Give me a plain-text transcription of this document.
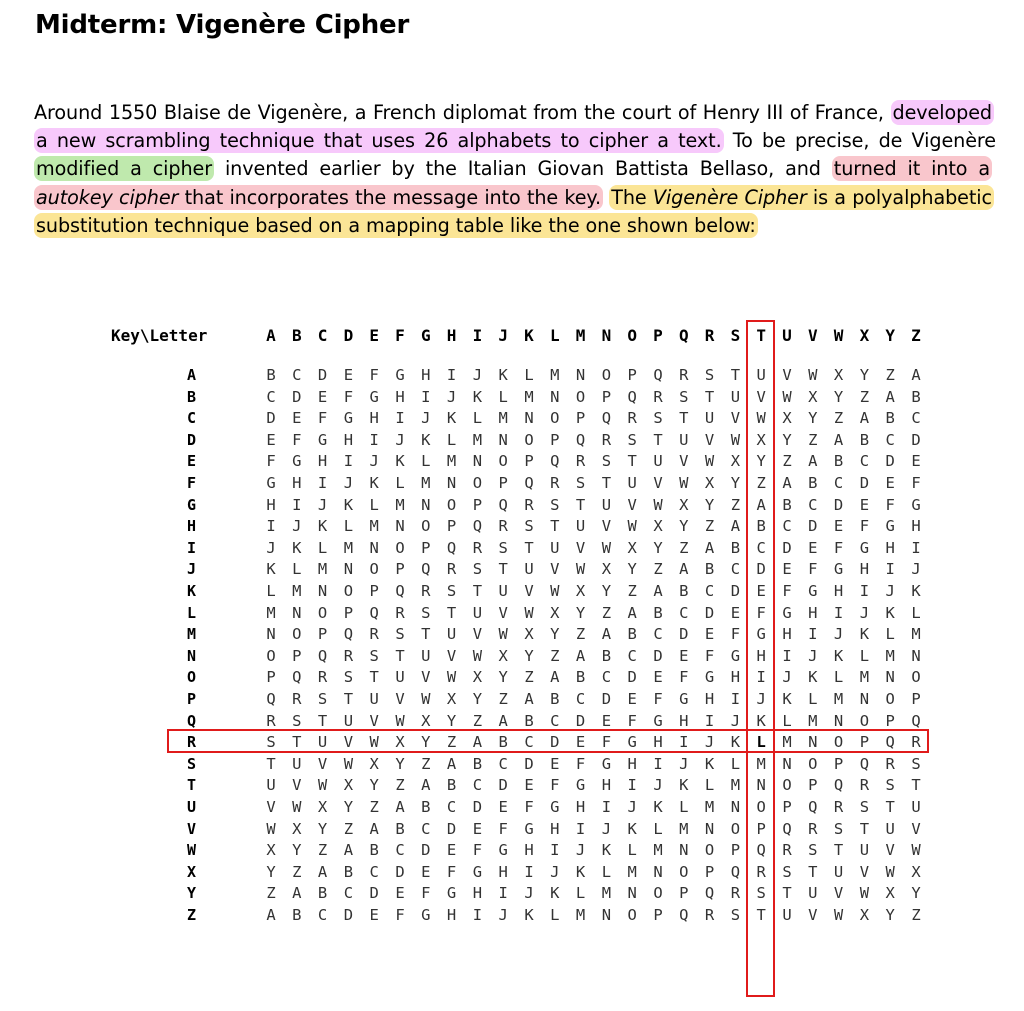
Midterm: Vigenère Cipher
Around 1550 Blaise de Vigenère, a French diplomat from the court of Henry III of France, developed a new scrambling technique that uses 26 alphabets to cipher a text. To be precise, de Vigenère modified a cipher invented earlier by the Italian Giovan Battista Bellaso, and turned it into a autokey cipher that incorporates the message into the key. The Vigenère Cipher is a polyalphabetic substitution technique based on a mapping table like the one shown below:
Key\Letter	A B C D E F G H I J K L M N O P Q R S T U V W X Y Z
A	B C D E F G H I J K L M N O P Q R S T U V W X Y Z A
B	C D E F G H I J K L M N O P Q R S T U V W X Y Z A B
C	D E F G H I J K L M N O P Q R S T U V W X Y Z A B C
D	E F G H I J K L M N O P Q R S T U V W X Y Z A B C D
E	F G H I J K L M N O P Q R S T U V W X Y Z A B C D E
F	G H I J K L M N O P Q R S T U V W X Y Z A B C D E F
G	H I J K L M N O P Q R S T U V W X Y Z A B C D E F G
H	I J K L M N O P Q R S T U V W X Y Z A B C D E F G H
I	J K L M N O P Q R S T U V W X Y Z A B C D E F G H I
J	K L M N O P Q R S T U V W X Y Z A B C D E F G H I J
K	L M N O P Q R S T U V W X Y Z A B C D E F G H I J K
L	M N O P Q R S T U V W X Y Z A B C D E F G H I J K L
M	N O P Q R S T U V W X Y Z A B C D E F G H I J K L M
N	O P Q R S T U V W X Y Z A B C D E F G H I J K L M N
O	P Q R S T U V W X Y Z A B C D E F G H I J K L M N O
P	Q R S T U V W X Y Z A B C D E F G H I J K L M N O P
Q	R S T U V W X Y Z A B C D E F G H I J K L M N O P Q
R	S T U V W X Y Z A B C D E F G H I J K L M N O P Q R
S	T U V W X Y Z A B C D E F G H I J K L M N O P Q R S
T	U V W X Y Z A B C D E F G H I J K L M N O P Q R S T
U	V W X Y Z A B C D E F G H I J K L M N O P Q R S T U
V	W X Y Z A B C D E F G H I J K L M N O P Q R S T U V
W	X Y Z A B C D E F G H I J K L M N O P Q R S T U V W
X	Y Z A B C D E F G H I J K L M N O P Q R S T U V W X
Y	Z A B C D E F G H I J K L M N O P Q R S T U V W X Y
Z	A B C D E F G H I J K L M N O P Q R S T U V W X Y Z
